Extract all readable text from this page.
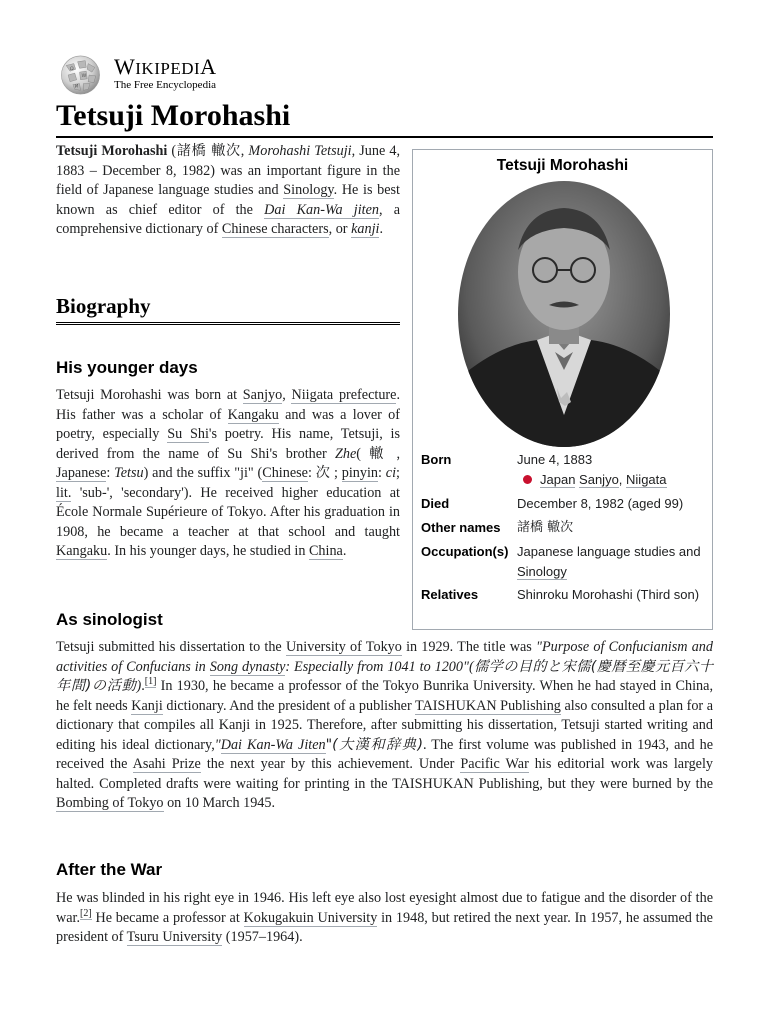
Ω
W
И
WIKIPEDIA
The Free Encyclopedia
Tetsuji Morohashi

Tetsuji Morohashi (諸橋 轍次, Morohashi Tetsuji, June 4, 1883 – December 8, 1982) was an important figure in the field of Japanese language studies and Sinology. He is best known as chief editor of the Dai Kan-Wa jiten, a comprehensive dictionary of Chinese characters, or kanji.

Biography
His younger days

Tetsuji Morohashi was born at Sanjyo, Niigata prefecture. His father was a scholar of Kangaku and was a lover of poetry, especially Su Shi's poetry. His name, Tetsuji, is derived from the name of Su Shi's brother Zhe( 轍 , Japanese: Tetsu) and the suffix "ji" (Chinese: 次 ; pinyin: ci; lit. 'sub-', 'secondary'). He received higher education at École Normale Supérieure of Tokyo. After his graduation in 1908, he became a teacher at that school and taught Kangaku. In his younger days, he studied in China.

As sinologist

Tetsuji submitted his dissertation to the University of Tokyo in 1929. The title was "Purpose of Confucianism and activities of Confucians in Song dynasty: Especially from 1041 to 1200"(儒学の目的と宋儒(慶暦至慶元百六十年間)の活動).[1] In 1930, he became a professor of the Tokyo Bunrika University. When he had stayed in China, he felt needs Kanji dictionary. And the president of a publisher TAISHUKAN Publishing also consulted a plan for a dictionary that compiles all Kanji in 1925. Therefore, after submitting his dissertation, Tetsuji started writing and editing his ideal dictionary,"Dai Kan-Wa Jiten"(大漢和辞典). The first volume was published in 1943, and he received the Asahi Prize the next year by this achievement. Under Pacific War his editorial work was largely halted. Completed drafts were waiting for printing in the TAISHUKAN Publishing, but they were burned by the Bombing of Tokyo on 10 March 1945.

After the War

He was blinded in his right eye in 1946. His left eye also lost eyesight almost due to fatigue and the disorder of the war.[2] He became a professor at Kokugakuin University in 1948, but retired the next year. In 1957, he assumed the president of Tsuru University (1957–1964).

Tetsuji Morohashi
Born	June 4, 1883
Japan Sanjyo, Niigata
Died	December 8, 1982 (aged 99)
Other names 諸橋 轍次
Occupation(s) Japanese language studies and Sinology
Relatives	Shinroku Morohashi (Third son)
